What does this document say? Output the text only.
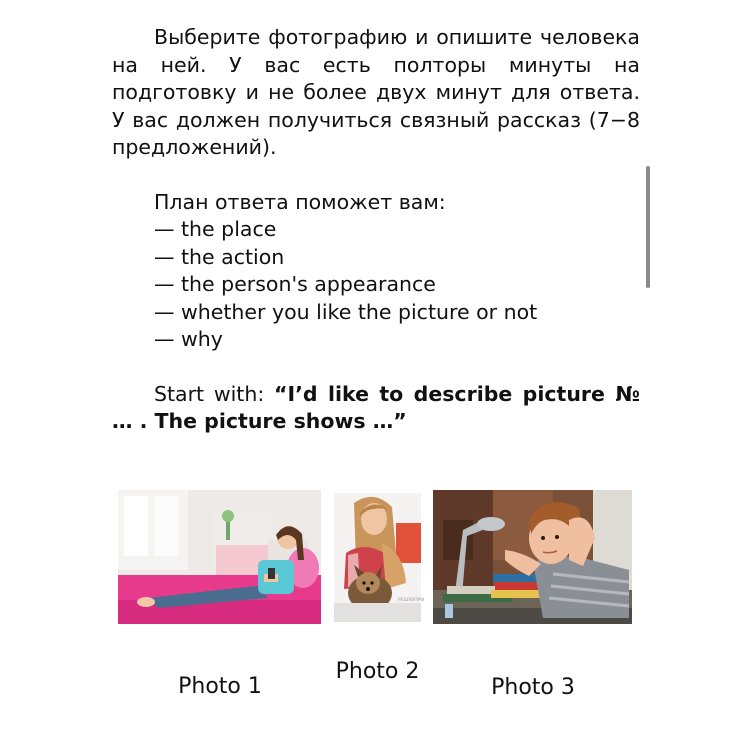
Выберите фотографию и опишите человека на ней. У вас есть полторы минуты на подготовку и не более двух минут для ответа. У вас должен получиться связный рассказ (7−8 предложений).

План ответа поможет вам:
— the place
— the action
— the person's appearance
— whether you like the picture or not
— why

Start with: “I’d like to describe picture № … . The picture shows …”

РЕШУВПРФ
Photo 1
Photo 2
Photo 3
